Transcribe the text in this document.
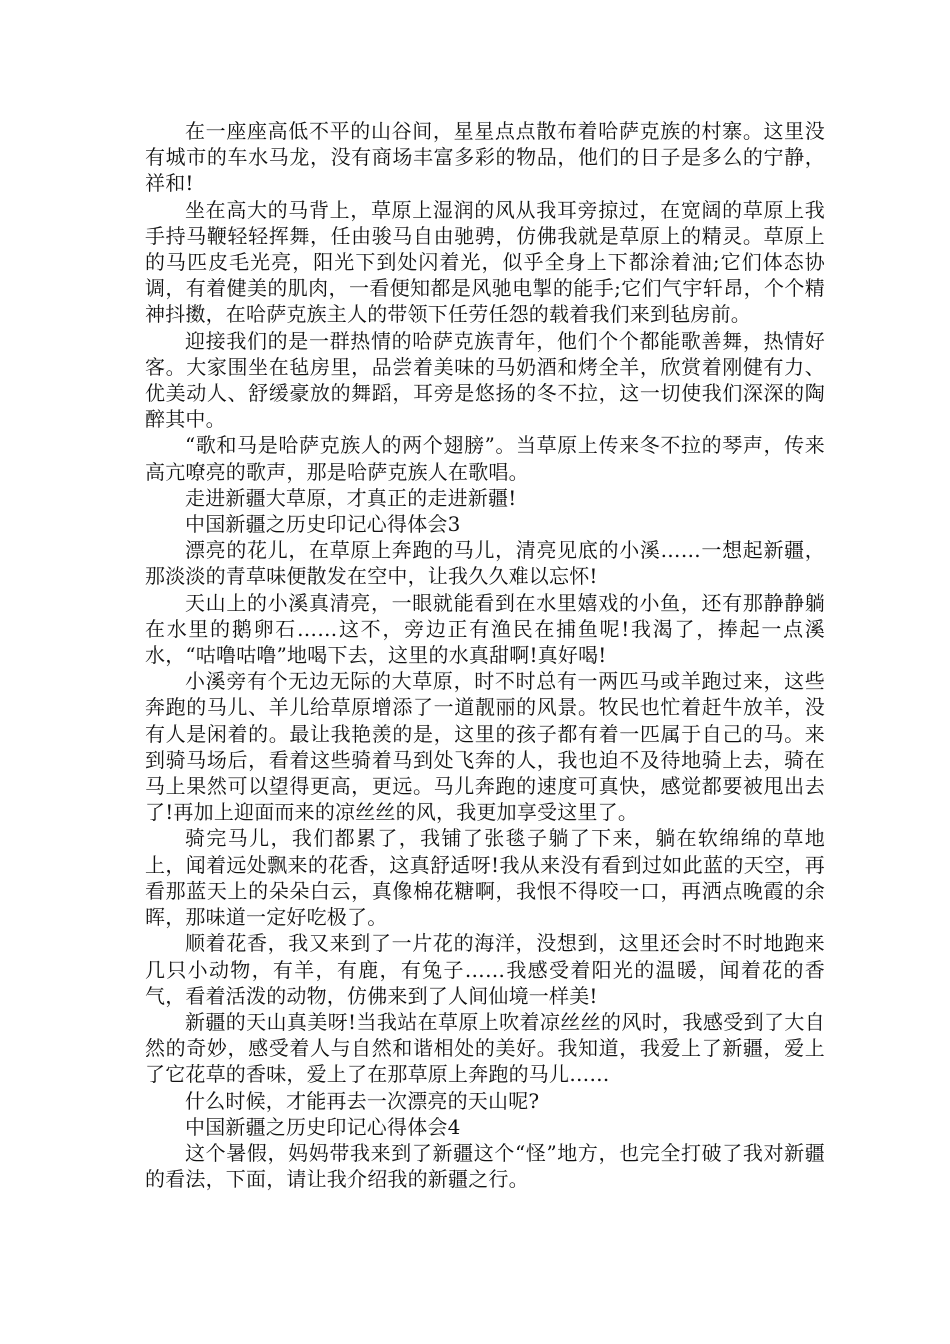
在一座座高低不平的山谷间，星星点点散布着哈萨克族的村寨。这里没有城市的车水马龙，没有商场丰富多彩的物品，他们的日子是多么的宁静，祥和!

坐在高大的马背上，草原上湿润的风从我耳旁掠过，在宽阔的草原上我手持马鞭轻轻挥舞，任由骏马自由驰骋，仿佛我就是草原上的精灵。草原上的马匹皮毛光亮，阳光下到处闪着光，似乎全身上下都涂着油;它们体态协调，有着健美的肌肉，一看便知都是风驰电掣的能手;它们气宇轩昂，个个精神抖擞，在哈萨克族主人的带领下任劳任怨的载着我们来到毡房前。

迎接我们的是一群热情的哈萨克族青年，他们个个都能歌善舞，热情好客。大家围坐在毡房里，品尝着美味的马奶酒和烤全羊，欣赏着刚健有力、优美动人、舒缓豪放的舞蹈，耳旁是悠扬的冬不拉，这一切使我们深深的陶醉其中。

“歌和马是哈萨克族人的两个翅膀”。当草原上传来冬不拉的琴声，传来高亢嘹亮的歌声，那是哈萨克族人在歌唱。

走进新疆大草原，才真正的走进新疆!

中国新疆之历史印记心得体会3

漂亮的花儿，在草原上奔跑的马儿，清亮见底的小溪……一想起新疆，那淡淡的青草味便散发在空中，让我久久难以忘怀!

天山上的小溪真清亮，一眼就能看到在水里嬉戏的小鱼，还有那静静躺在水里的鹅卵石……这不，旁边正有渔民在捕鱼呢!我渴了，捧起一点溪水，“咕噜咕噜”地喝下去，这里的水真甜啊!真好喝!

小溪旁有个无边无际的大草原，时不时总有一两匹马或羊跑过来，这些奔跑的马儿、羊儿给草原增添了一道靓丽的风景。牧民也忙着赶牛放羊，没有人是闲着的。最让我艳羡的是，这里的孩子都有着一匹属于自己的马。来到骑马场后，看着这些骑着马到处飞奔的人，我也迫不及待地骑上去，骑在马上果然可以望得更高，更远。马儿奔跑的速度可真快，感觉都要被甩出去了!再加上迎面而来的凉丝丝的风，我更加享受这里了。

骑完马儿，我们都累了，我铺了张毯子躺了下来，躺在软绵绵的草地上，闻着远处飘来的花香，这真舒适呀!我从来没有看到过如此蓝的天空，再看那蓝天上的朵朵白云，真像棉花糖啊，我恨不得咬一口，再洒点晚霞的余晖，那味道一定好吃极了。

顺着花香，我又来到了一片花的海洋，没想到，这里还会时不时地跑来几只小动物，有羊，有鹿，有兔子……我感受着阳光的温暖，闻着花的香气，看着活泼的动物，仿佛来到了人间仙境一样美!

新疆的天山真美呀!当我站在草原上吹着凉丝丝的风时，我感受到了大自然的奇妙，感受着人与自然和谐相处的美好。我知道，我爱上了新疆，爱上了它花草的香味，爱上了在那草原上奔跑的马儿……

什么时候，才能再去一次漂亮的天山呢?

中国新疆之历史印记心得体会4

这个暑假，妈妈带我来到了新疆这个“怪”地方，也完全打破了我对新疆的看法，下面，请让我介绍我的新疆之行。
